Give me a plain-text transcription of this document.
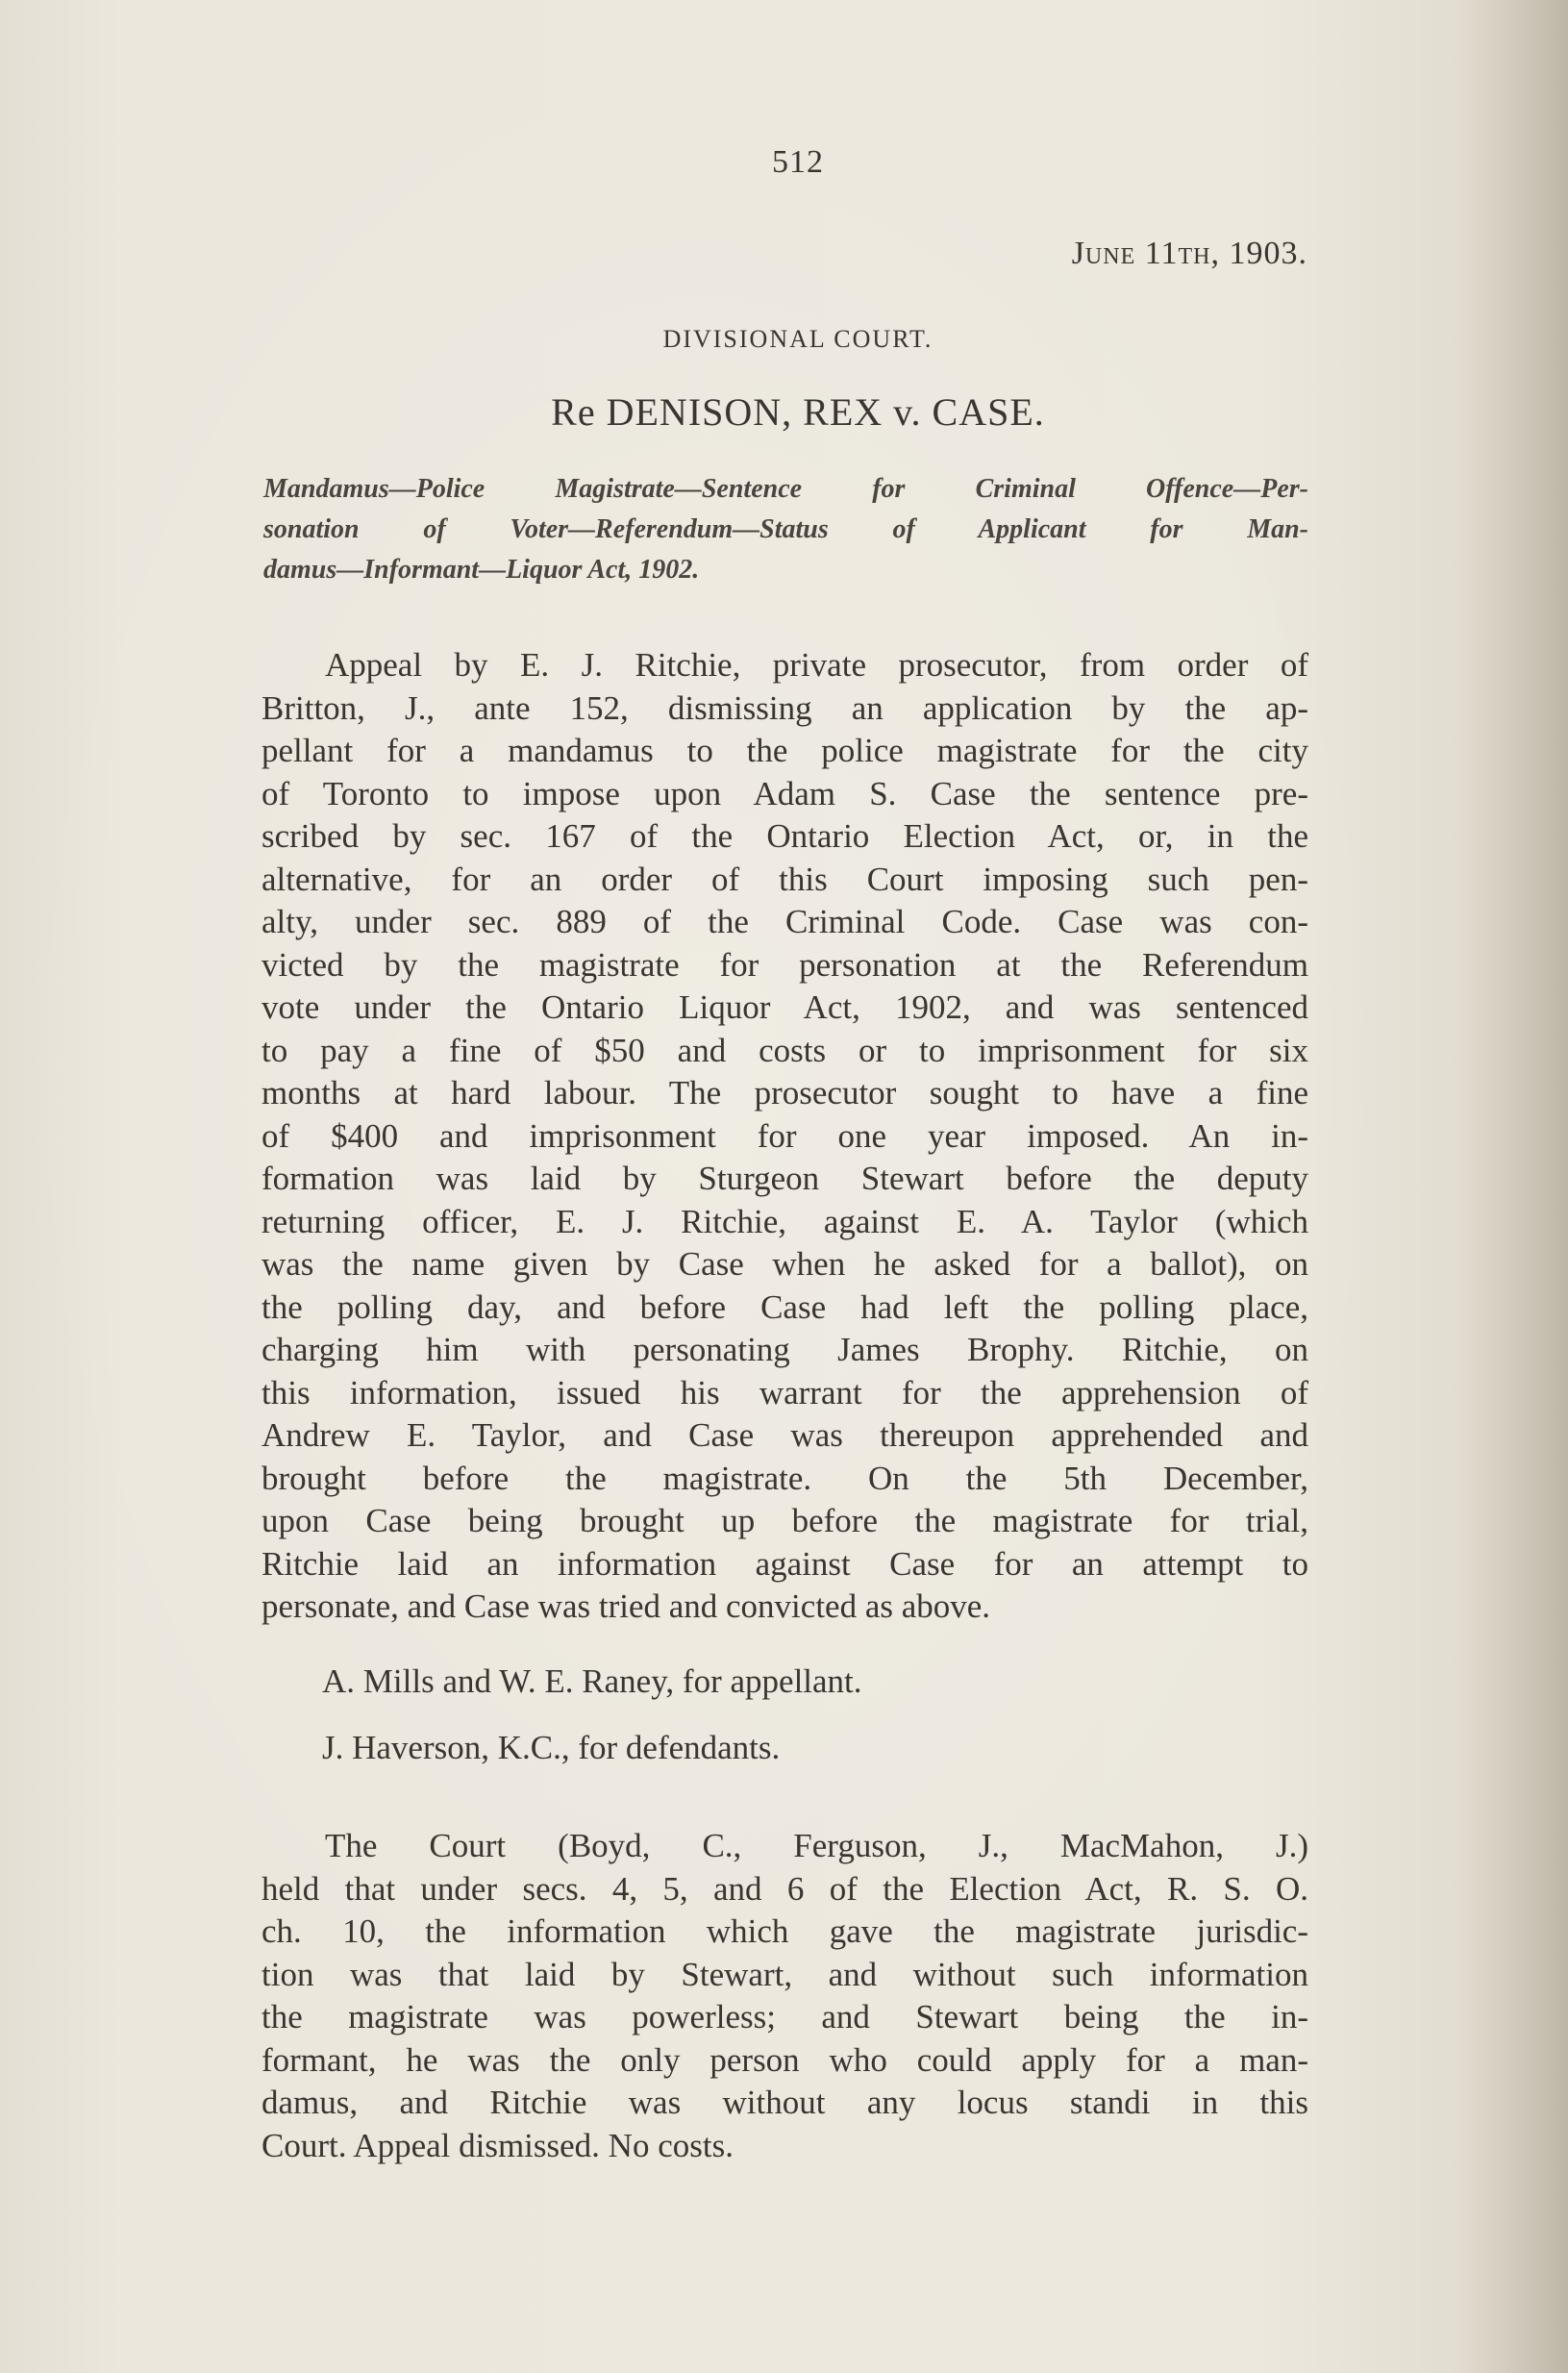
512
June 11th, 1903.
DIVISIONAL COURT.
Re DENISON, REX v. CASE.
Mandamus—Police Magistrate—Sentence for Criminal Offence—Per-
sonation of Voter—Referendum—Status of Applicant for Man-
damus—Informant—Liquor Act, 1902.
Appeal by E. J. Ritchie, private prosecutor, from order of
Britton, J., ante 152, dismissing an application by the ap-
pellant for a mandamus to the police magistrate for the city
of Toronto to impose upon Adam S. Case the sentence pre-
scribed by sec. 167 of the Ontario Election Act, or, in the
alternative, for an order of this Court imposing such pen-
alty, under sec. 889 of the Criminal Code. Case was con-
victed by the magistrate for personation at the Referendum
vote under the Ontario Liquor Act, 1902, and was sentenced
to pay a fine of $50 and costs or to imprisonment for six
months at hard labour. The prosecutor sought to have a fine
of $400 and imprisonment for one year imposed. An in-
formation was laid by Sturgeon Stewart before the deputy
returning officer, E. J. Ritchie, against E. A. Taylor (which
was the name given by Case when he asked for a ballot), on
the polling day, and before Case had left the polling place,
charging him with personating James Brophy. Ritchie, on
this information, issued his warrant for the apprehension of
Andrew E. Taylor, and Case was thereupon apprehended and
brought before the magistrate. On the 5th December,
upon Case being brought up before the magistrate for trial,
Ritchie laid an information against Case for an attempt to
personate, and Case was tried and convicted as above.
A. Mills and W. E. Raney, for appellant.
J. Haverson, K.C., for defendants.
The Court (Boyd, C., Ferguson, J., MacMahon, J.)
held that under secs. 4, 5, and 6 of the Election Act, R. S. O.
ch. 10, the information which gave the magistrate jurisdic-
tion was that laid by Stewart, and without such information
the magistrate was powerless; and Stewart being the in-
formant, he was the only person who could apply for a man-
damus, and Ritchie was without any locus standi in this
Court. Appeal dismissed. No costs.
